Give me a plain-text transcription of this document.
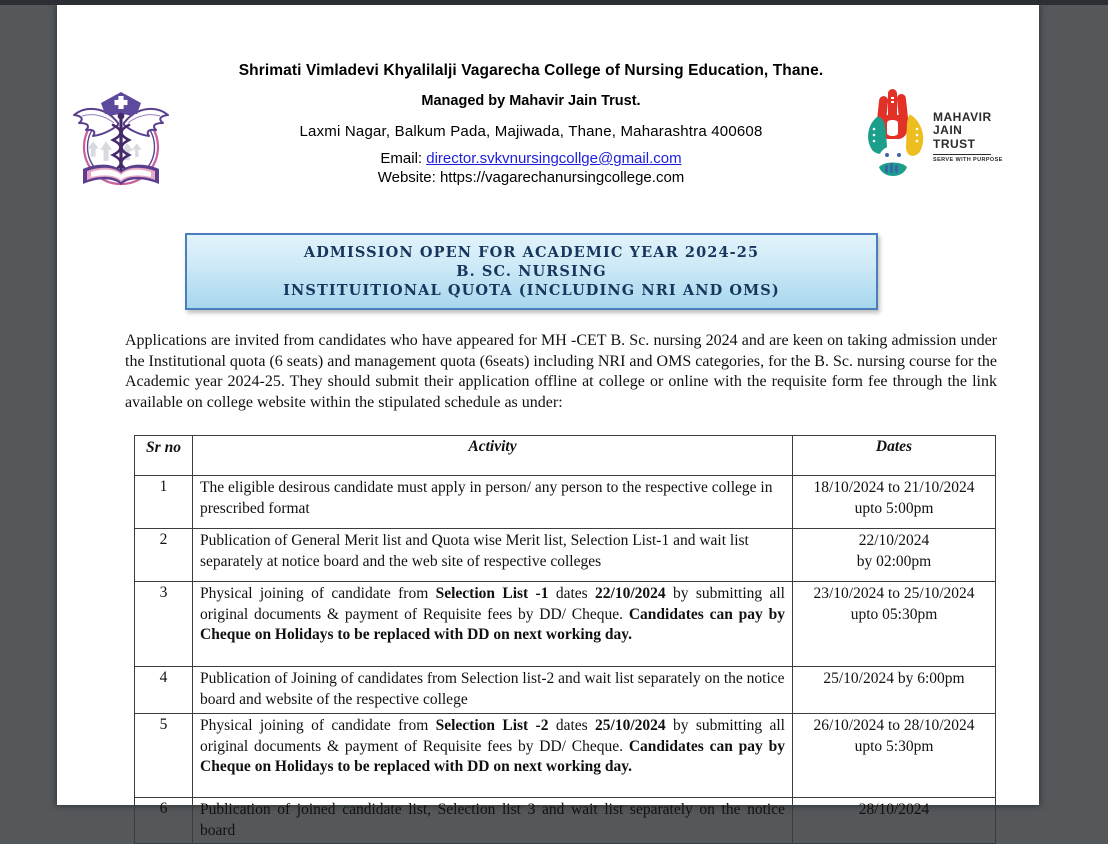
Shrimati Vimladevi Khyalilalji Vagarecha College of Nursing Education, Thane.
Managed by Mahavir Jain Trust.
Laxmi Nagar, Balkum Pada, Majiwada, Thane, Maharashtra 400608
Email: director.svkvnursingcollge@gmail.com
Website: https://vagarechanursingcollege.com
MAHAVIR
JAIN
TRUST
SERVE WITH PURPOSE
ADMISSION OPEN FOR ACADEMIC YEAR 2024-25
B. SC. NURSING
INSTITUITIONAL QUOTA (INCLUDING NRI AND OMS)
Applications are invited from candidates who have appeared for MH -CET B. Sc. nursing 2024 and are keen on taking admission under the Institutional quota (6 seats) and management quota (6seats) including NRI and OMS categories, for the B. Sc. nursing course for the Academic year 2024-25. They should submit their application offline at college or online with the requisite form fee through the link available on college website within the stipulated schedule as under:
Sr no	Activity	Dates
1	The eligible desirous candidate must apply in person/ any person to the respective college in prescribed format	18/10/2024 to 21/10/2024
upto 5:00pm

2	Publication of General Merit list and Quota wise Merit list, Selection List-1 and wait list separately at notice board and the web site of respective colleges	22/10/2024
by 02:00pm

3	Physical joining of candidate from Selection List -1 dates 22/10/2024 by submitting all original documents & payment of Requisite fees by DD/ Cheque. Candidates can pay by Cheque on Holidays to be replaced with DD on next working day.	23/10/2024 to 25/10/2024
upto 05:30pm

4	Publication of Joining of candidates from Selection list-2 and wait list separately on the notice board and website of the respective college	25/10/2024 by 6:00pm

5	Physical joining of candidate from Selection List -2 dates 25/10/2024 by submitting all original documents & payment of Requisite fees by DD/ Cheque. Candidates can pay by Cheque on Holidays to be replaced with DD on next working day.	26/10/2024 to 28/10/2024
upto 5:30pm

6	Publication of joined candidate list, Selection list 3 and wait list separately on the notice board	28/10/2024
